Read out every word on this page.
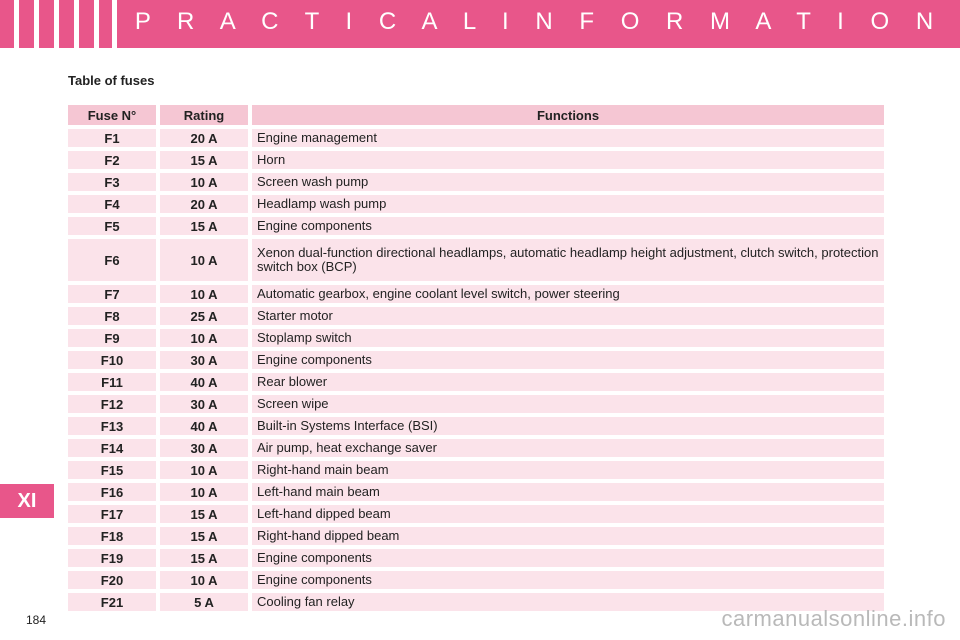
P R A C T I C A L I N F O R M A T I O N
Table of fuses
Fuse N°	Rating	Functions
F1	20 A	Engine management
F2	15 A	Horn
F3	10 A	Screen wash pump
F4	20 A	Headlamp wash pump
F5	15 A	Engine components
F6	10 A	Xenon dual-function directional headlamps, automatic headlamp height adjustment, clutch switch, protection switch box (BCP)
F7	10 A	Automatic gearbox, engine coolant level switch, power steering
F8	25 A	Starter motor
F9	10 A	Stoplamp switch
F10	30 A	Engine components
F11	40 A	Rear blower
F12	30 A	Screen wipe
F13	40 A	Built-in Systems Interface (BSI)
F14	30 A	Air pump, heat exchange saver
F15	10 A	Right-hand main beam
F16	10 A	Left-hand main beam
F17	15 A	Left-hand dipped beam
F18	15 A	Right-hand dipped beam
F19	15 A	Engine components
F20	10 A	Engine components
F21	5 A	Cooling fan relay
XI
184	carmanualsonline.info
